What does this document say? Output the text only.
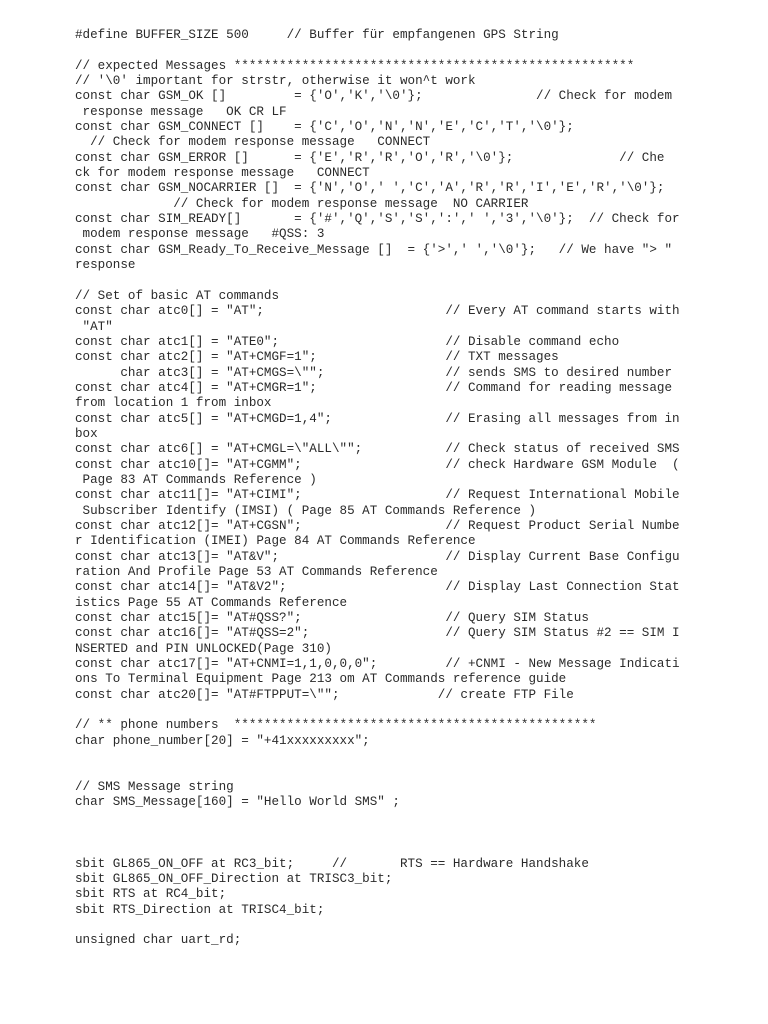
#define BUFFER_SIZE 500     // Buffer für empfangenen GPS String
// expected Messages *****************************************************
// '\0' important for strstr, otherwise it won^t work
const char GSM_OK []         = {'O','K','\0'};               // Check for modem
response message   OK CR LF
const char GSM_CONNECT []    = {'C','O','N','N','E','C','T','\0'};
// Check for modem response message   CONNECT
const char GSM_ERROR []      = {'E','R','R','O','R','\0'};              // Che
ck for modem response message   CONNECT
const char GSM_NOCARRIER []  = {'N','O',' ','C','A','R','R','I','E','R','\0'};
// Check for modem response message  NO CARRIER
const char SIM_READY[]       = {'#','Q','S','S',':',' ','3','\0'};  // Check for
modem response message   #QSS: 3
const char GSM_Ready_To_Receive_Message []  = {'>',' ','\0'};   // We have "> "
response
// Set of basic AT commands
const char atc0[] = "AT";                        // Every AT command starts with
"AT"
const char atc1[] = "ATE0";                      // Disable command echo
const char atc2[] = "AT+CMGF=1";                 // TXT messages
char atc3[] = "AT+CMGS=\"";                // sends SMS to desired number
const char atc4[] = "AT+CMGR=1";                 // Command for reading message
from location 1 from inbox
const char atc5[] = "AT+CMGD=1,4";               // Erasing all messages from in
box
const char atc6[] = "AT+CMGL=\"ALL\"";           // Check status of received SMS
const char atc10[]= "AT+CGMM";                   // check Hardware GSM Module  (
Page 83 AT Commands Reference )
const char atc11[]= "AT+CIMI";                   // Request International Mobile
Subscriber Identify (IMSI) ( Page 85 AT Commands Reference )
const char atc12[]= "AT+CGSN";                   // Request Product Serial Numbe
r Identification (IMEI) Page 84 AT Commands Reference
const char atc13[]= "AT&V";                      // Display Current Base Configu
ration And Profile Page 53 AT Commands Reference
const char atc14[]= "AT&V2";                     // Display Last Connection Stat
istics Page 55 AT Commands Reference
const char atc15[]= "AT#QSS?";                   // Query SIM Status
const char atc16[]= "AT#QSS=2";                  // Query SIM Status #2 == SIM I
NSERTED and PIN UNLOCKED(Page 310)
const char atc17[]= "AT+CNMI=1,1,0,0,0";         // +CNMI - New Message Indicati
ons To Terminal Equipment Page 213 om AT Commands reference guide
const char atc20[]= "AT#FTPPUT=\"";             // create FTP File
// ** phone numbers  ************************************************
char phone_number[20] = "+41xxxxxxxxx";
// SMS Message string
char SMS_Message[160] = "Hello World SMS" ;
sbit GL865_ON_OFF at RC3_bit;     //       RTS == Hardware Handshake
sbit GL865_ON_OFF_Direction at TRISC3_bit;
sbit RTS at RC4_bit;
sbit RTS_Direction at TRISC4_bit;
unsigned char uart_rd;
